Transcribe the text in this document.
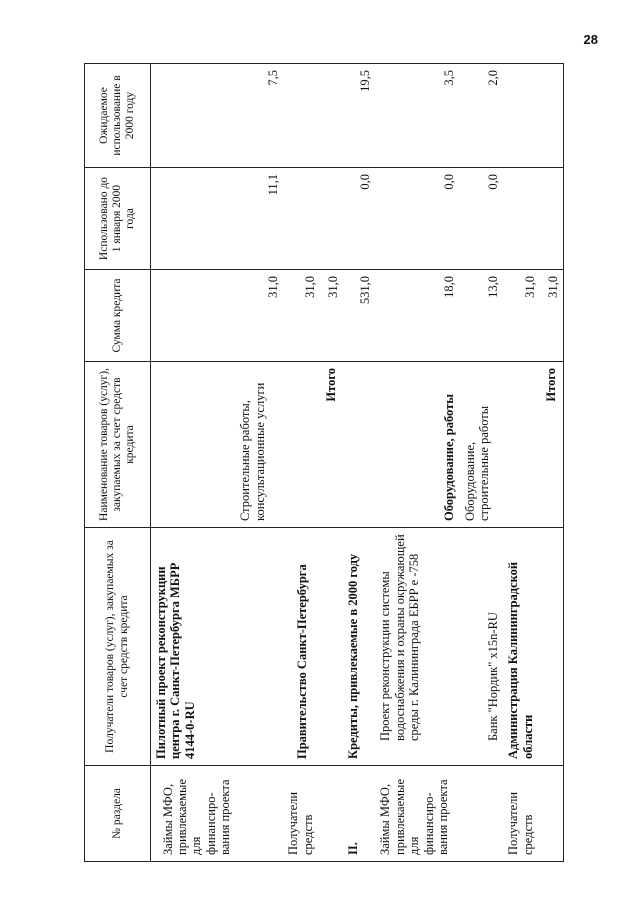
28
№ раздела	Получатели товаров (услуг), закупаемых за счет средств кредита	Наименование товаров (услуг), закупаемых за счет средств кредита	Сумма кредита	Использовано до 1 января 2000 года	Ожидаемое использование в 2000 году
Займы МФО, привлекаемые для финансиро-вания проекта	Пилотный проект реконструкции центра г. Санкт-Петербурга МБРР 4144-0-RU				
		Строительные работы, консультационные услуги	31,0	11,1	7,5
Получатели средств	Правительство Санкт-Петербурга		31,0		
		Итого	31,0		
II.	Кредиты, привлекаемые в 2000 году		531,0	0,0	19,5
Займы МФО, привлекаемые для финансиро-вания проекта	Проект реконструкции системы водоснабжения и охраны окружающей среды г. Калининграда ЕБРР е -758	Оборудование, работы	18,0	0,0	3,5
	Банк "Нордик" x15n-RU	Оборудование, строительные работы	13,0	0,0	2,0
Получатели средств	Администрация Калининградской области		31,0		
		Итого	31,0		
